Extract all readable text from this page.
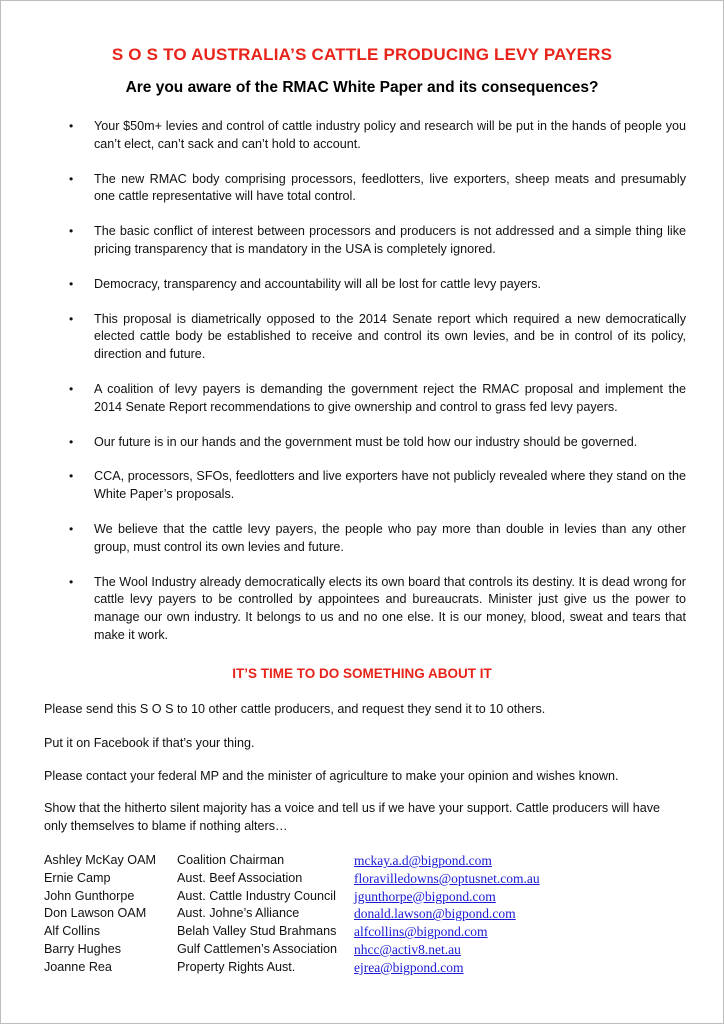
S O S TO AUSTRALIA’S CATTLE PRODUCING LEVY PAYERS
Are you aware of the RMAC White Paper and its consequences?
• Your $50m+ levies and control of cattle industry policy and research will be put in the hands of people you can’t elect, can’t sack and can’t hold to account.
• The new RMAC body comprising processors, feedlotters, live exporters, sheep meats and presumably one cattle representative will have total control.
• The basic conflict of interest between processors and producers is not addressed and a simple thing like pricing transparency that is mandatory in the USA is completely ignored.
• Democracy, transparency and accountability will all be lost for cattle levy payers.
• This proposal is diametrically opposed to the 2014 Senate report which required a new democratically elected cattle body be established to receive and control its own levies, and be in control of its policy, direction and future.
• A coalition of levy payers is demanding the government reject the RMAC proposal and implement the 2014 Senate Report recommendations to give ownership and control to grass fed levy payers.
• Our future is in our hands and the government must be told how our industry should be governed.
• CCA, processors, SFOs, feedlotters and live exporters have not publicly revealed where they stand on the White Paper’s proposals.
• We believe that the cattle levy payers, the people who pay more than double in levies than any other group, must control its own levies and future.
• The Wool Industry already democratically elects its own board that controls its destiny. It is dead wrong for cattle levy payers to be controlled by appointees and bureaucrats. Minister just give us the power to manage our own industry. It belongs to us and no one else. It is our money, blood, sweat and tears that make it work.
IT’S TIME TO DO SOMETHING ABOUT IT
Please send this S O S to 10 other cattle producers, and request they send it to 10 others.
Put it on Facebook if that’s your thing.
Please contact your federal MP and the minister of agriculture to make your opinion and wishes known.
Show that the hitherto silent majority has a voice and tell us if we have your support. Cattle producers will have only themselves to blame if nothing alters…
Ashley McKay OAM	Coalition Chairman	mckay.a.d@bigpond.com
Ernie Camp	Aust. Beef Association	floravilledowns@optusnet.com.au
John Gunthorpe	Aust. Cattle Industry Council	jgunthorpe@bigpond.com
Don Lawson OAM	Aust. Johne’s Alliance	donald.lawson@bigpond.com
Alf Collins	Belah Valley Stud Brahmans	alfcollins@bigpond.com
Barry Hughes	Gulf Cattlemen’s Association	nhcc@activ8.net.au
Joanne Rea	Property Rights Aust.	ejrea@bigpond.com
